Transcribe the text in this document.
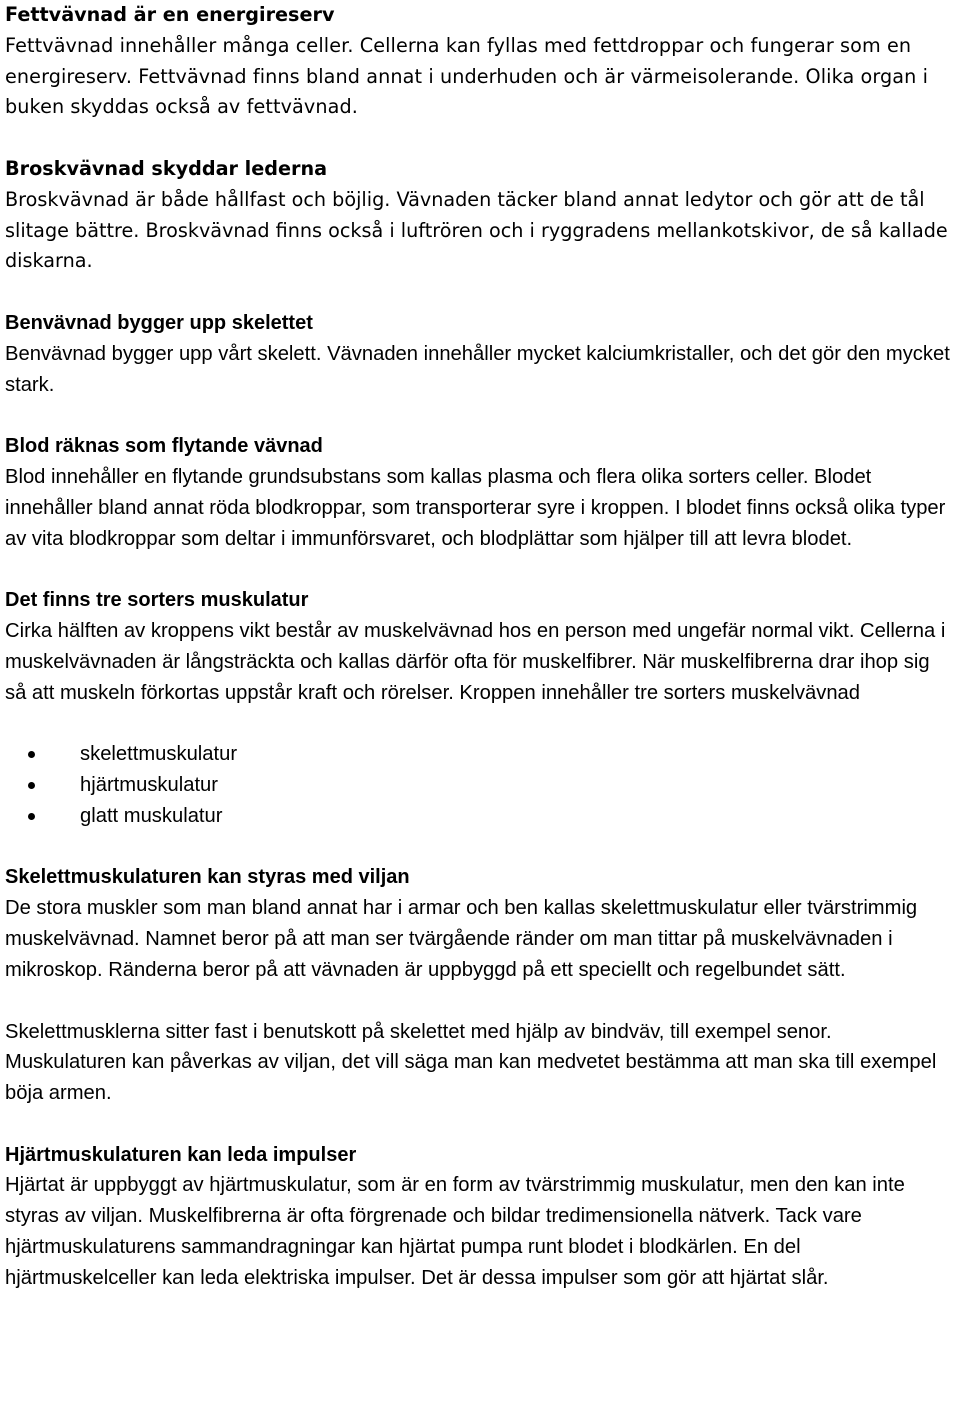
Fettvävnad är en energireserv

Fettvävnad innehåller många celler. Cellerna kan fyllas med fettdroppar och fungerar som en energireserv. Fettvävnad finns bland annat i underhuden och är värmeisolerande. Olika organ i buken skyddas också av fettvävnad.

Broskvävnad skyddar lederna

Broskvävnad är både hållfast och böjlig. Vävnaden täcker bland annat ledytor och gör att de tål slitage bättre. Broskvävnad finns också i luftrören och i ryggradens mellankotskivor, de så kallade diskarna.

Benvävnad bygger upp skelettet

Benvävnad bygger upp vårt skelett. Vävnaden innehåller mycket kalciumkristaller, och det gör den mycket stark.

Blod räknas som flytande vävnad

Blod innehåller en flytande grundsubstans som kallas plasma och flera olika sorters celler. Blodet innehåller bland annat röda blodkroppar, som transporterar syre i kroppen. I blodet finns också olika typer av vita blodkroppar som deltar i immunförsvaret, och blodplättar som hjälper till att levra blodet.

Det finns tre sorters muskulatur

Cirka hälften av kroppens vikt består av muskelvävnad hos en person med ungefär normal vikt. Cellerna i muskelvävnaden är långsträckta och kallas därför ofta för muskelfibrer. När muskelfibrerna drar ihop sig så att muskeln förkortas uppstår kraft och rörelser. Kroppen innehåller tre sorters muskelvävnad

skelettmuskulatur
hjärtmuskulatur
glatt muskulatur
Skelettmuskulaturen kan styras med viljan

De stora muskler som man bland annat har i armar och ben kallas skelettmuskulatur eller tvärstrimmig muskelvävnad. Namnet beror på att man ser tvärgående ränder om man tittar på muskelvävnaden i mikroskop. Ränderna beror på att vävnaden är uppbyggd på ett speciellt och regelbundet sätt.

Skelettmusklerna sitter fast i benutskott på skelettet med hjälp av bindväv, till exempel senor. Muskulaturen kan påverkas av viljan, det vill säga man kan medvetet bestämma att man ska till exempel böja armen.

Hjärtmuskulaturen kan leda impulser

Hjärtat är uppbyggt av hjärtmuskulatur, som är en form av tvärstrimmig muskulatur, men den kan inte styras av viljan. Muskelfibrerna är ofta förgrenade och bildar tredimensionella nätverk. Tack vare hjärtmuskulaturens sammandragningar kan hjärtat pumpa runt blodet i blodkärlen. En del hjärtmuskelceller kan leda elektriska impulser. Det är dessa impulser som gör att hjärtat slår.
